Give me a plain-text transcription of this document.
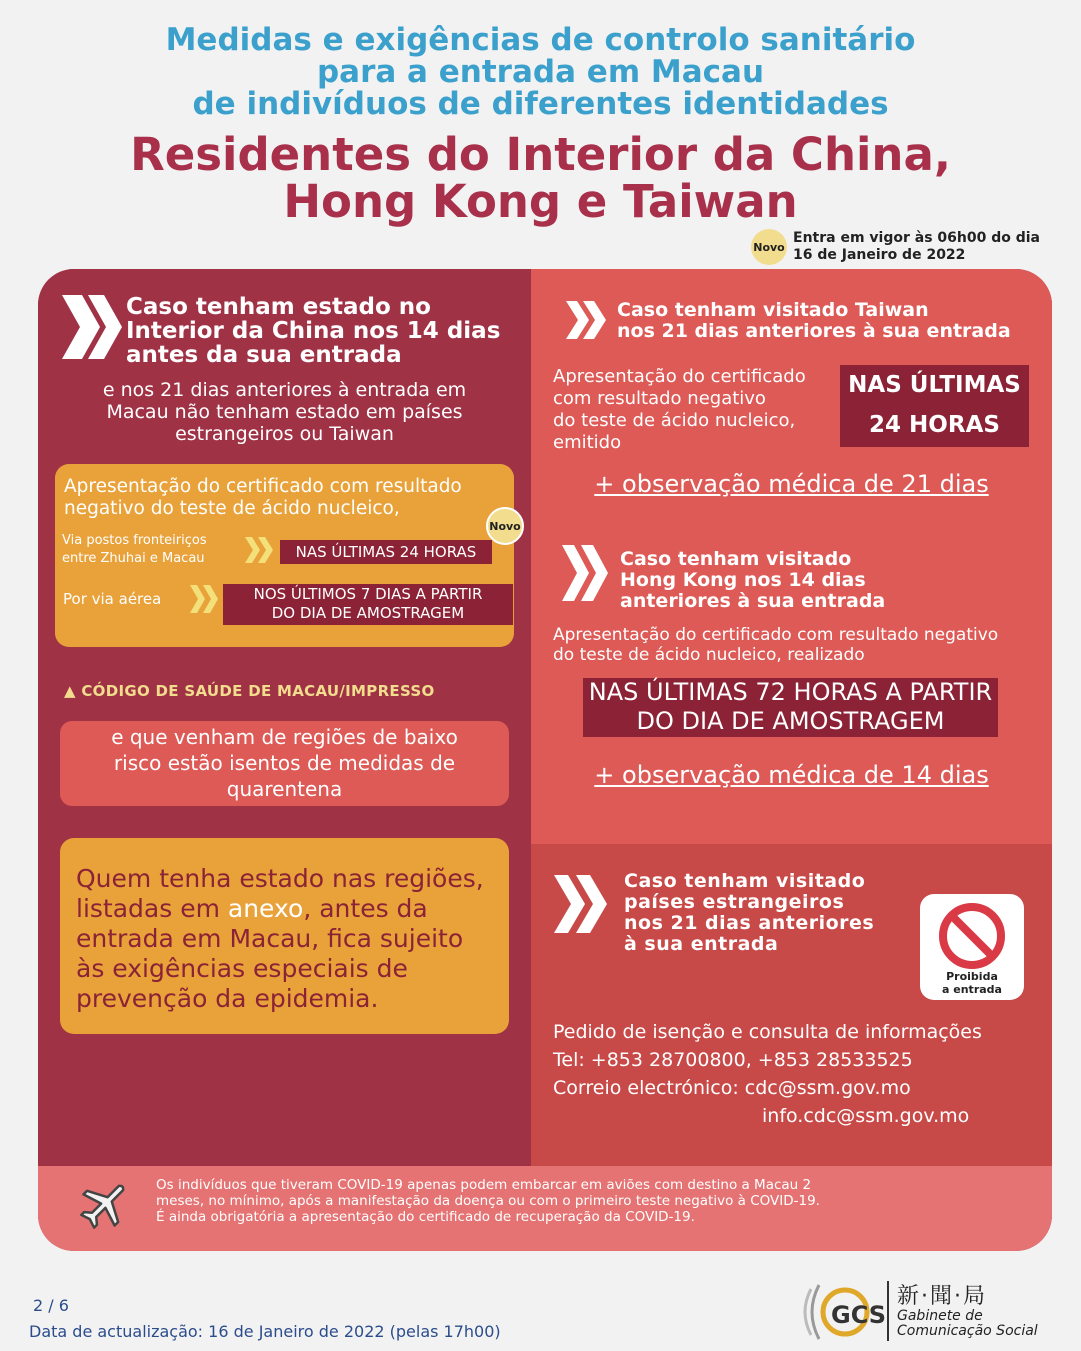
Medidas e exigências de controlo sanitário
para a entrada em Macau
de indivíduos de diferentes identidades
Residentes do Interior da China,
Hong Kong e Taiwan
Novo
Entra em vigor às 06h00 do dia
16 de Janeiro de 2022
Caso tenham estado no
Interior da China nos 14 dias
antes da sua entrada
e nos 21 dias anteriores à entrada em
Macau não tenham estado em países
estrangeiros ou Taiwan
Apresentação do certificado com resultado
negativo do teste de ácido nucleico,
Via postos fronteiriços
entre Zhuhai e Macau	NAS ÚLTIMAS 24 HORAS
Por via aérea	NOS ÚLTIMOS 7 DIAS A PARTIR
DO DIA DE AMOSTRAGEM
Novo
▲ CÓDIGO DE SAÚDE DE MACAU/IMPRESSO
e que venham de regiões de baixo
risco estão isentos de medidas de
quarentena
Quem tenha estado nas regiões,
listadas em anexo, antes da
entrada em Macau, fica sujeito
às exigências especiais de
prevenção da epidemia.
Caso tenham visitado Taiwan
nos 21 dias anteriores à sua entrada
Apresentação do certificado
com resultado negativo
do teste de ácido nucleico,
emitido
NAS ÚLTIMAS
24 HORAS
+ observação médica de 21 dias
Caso tenham visitado
Hong Kong nos 14 dias
anteriores à sua entrada
Apresentação do certificado com resultado negativo
do teste de ácido nucleico, realizado
NAS ÚLTIMAS 72 HORAS A PARTIR
DO DIA DE AMOSTRAGEM
+ observação médica de 14 dias
Caso tenham visitado
países estrangeiros
nos 21 dias anteriores
à sua entrada
Proibida
a entrada
Pedido de isenção e consulta de informações
Tel: +853 28700800, +853 28533525
Correio electrónico: cdc@ssm.gov.mo
info.cdc@ssm.gov.mo
Os indivíduos que tiveram COVID-19 apenas podem embarcar em aviões com destino a Macau 2
meses, no mínimo, após a manifestação da doença ou com o primeiro teste negativo à COVID-19.
É ainda obrigatória a apresentação do certificado de recuperação da COVID-19.
2 / 6
Data de actualização: 16 de Janeiro de 2022 (pelas 17h00)
GCS
新·聞·局
Gabinete de
Comunicação Social
